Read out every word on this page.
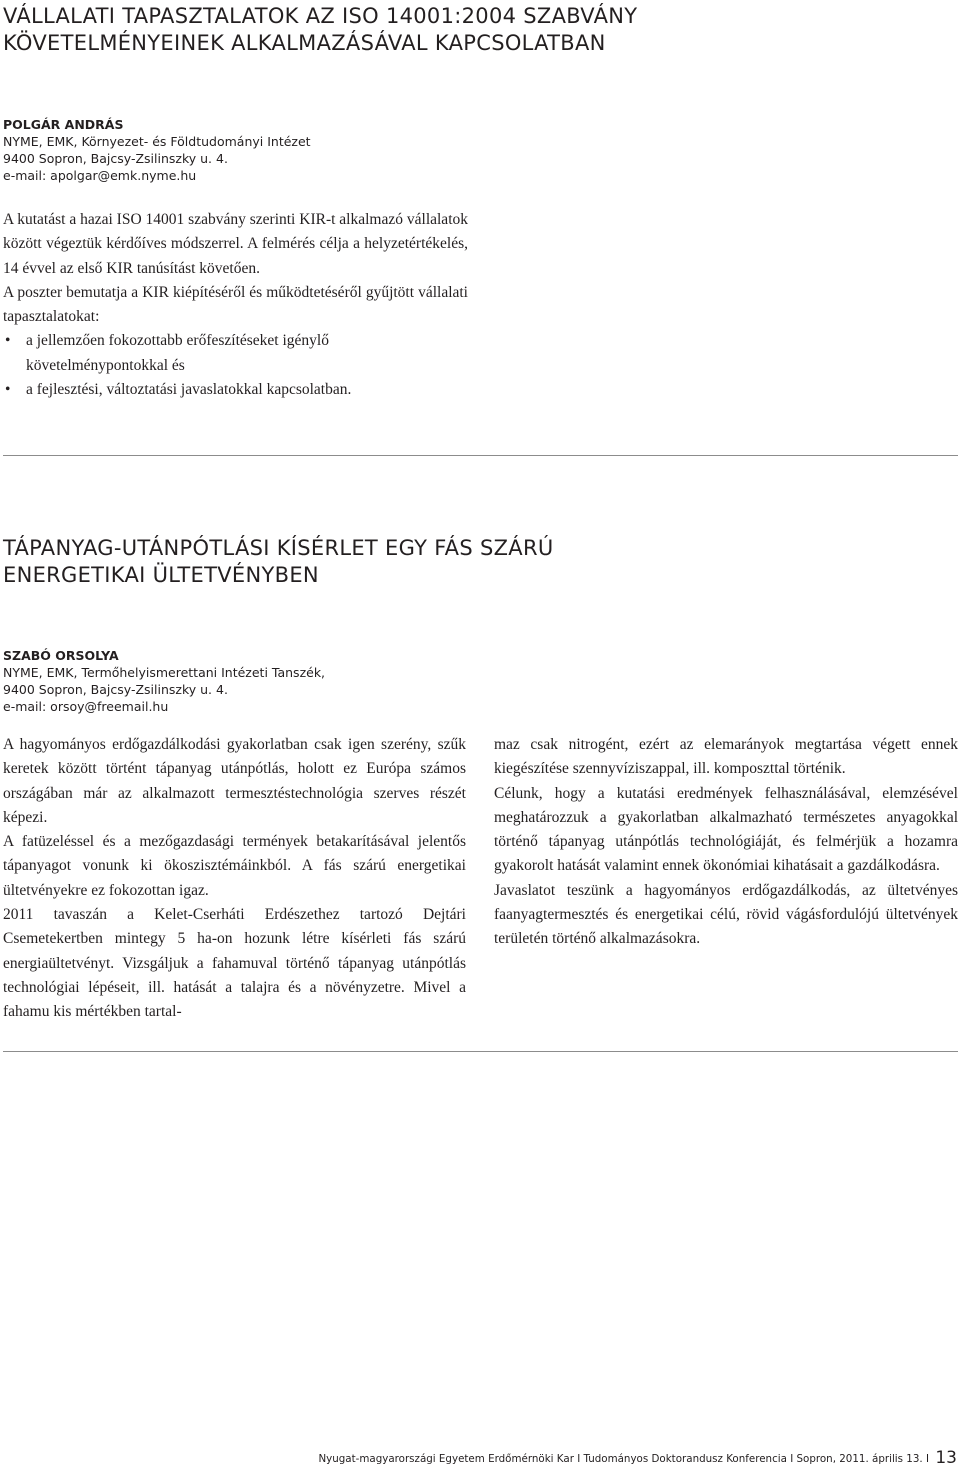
VÁLLALATI TAPASZTALATOK AZ ISO 14001:2004 SZABVÁNY
KÖVETELMÉNYEINEK ALKALMAZÁSÁVAL KAPCSOLATBAN
POLGÁR ANDRÁS
NYME, EMK, Környezet- és Földtudományi Intézet
9400 Sopron, Bajcsy-Zsilinszky u. 4.
e-mail: apolgar@emk.nyme.hu

A kutatást a hazai ISO 14001 szabvány szerinti KIR-t alkalmazó vállalatok között végeztük kérdőíves módszerrel. A felmérés célja a helyzetértékelés, 14 évvel az első KIR tanúsítást követően.

A poszter bemutatja a KIR kiépítéséről és működtetéséről gyűjtött vállalati tapasztalatokat:

• a jellemzően fokozottabb erőfeszítéseket igénylő követelménypontokkal és
• a fejlesztési, változtatási javaslatokkal kapcsolatban.
TÁPANYAG-UTÁNPÓTLÁSI KÍSÉRLET EGY FÁS SZÁRÚ
ENERGETIKAI ÜLTETVÉNYBEN
SZABÓ ORSOLYA
NYME, EMK, Termőhelyismerettani Intézeti Tanszék,
9400 Sopron, Bajcsy-Zsilinszky u. 4.
e-mail: orsoy@freemail.hu

A hagyományos erdőgazdálkodási gyakorlatban csak igen szerény, szűk keretek között történt tápanyag utánpótlás, holott ez Európa számos országában már az alkalmazott termesztéstechnológia szerves részét képezi.

A fatüzeléssel és a mezőgazdasági termények betakarításával jelentős tápanyagot vonunk ki ökoszisztémáinkból. A fás szárú energetikai ültetvényekre ez fokozottan igaz.

2011 tavaszán a Kelet-Cserháti Erdészethez tartozó Dejtári Csemetekertben mintegy 5 ha-on hozunk létre kísérleti fás szárú energiaültetvényt. Vizsgáljuk a fahamuval történő tápanyag utánpótlás technológiai lépéseit, ill. hatását a talajra és a növényzetre. Mivel a fahamu kis mértékben tartal-

maz csak nitrogént, ezért az elemarányok megtartása végett ennek kiegészítése szennyvíziszappal, ill. komposzttal történik.

Célunk, hogy a kutatási eredmények felhasználásával, elemzésével meghatározzuk a gyakorlatban alkalmazható természetes anyagokkal történő tápanyag utánpótlás technológiáját, és felmérjük a hozamra gyakorolt hatását valamint ennek ökonómiai kihatásait a gazdálkodásra.

Javaslatot teszünk a hagyományos erdőgazdálkodás, az ültetvényes faanyagtermesztés és energetikai célú, rövid vágásfordulójú ültetvények területén történő alkalmazásokra.

Nyugat-magyarországi Egyetem Erdőmérnöki Kar I Tudományos Doktorandusz Konferencia I Sopron, 2011. április 13. I 13
